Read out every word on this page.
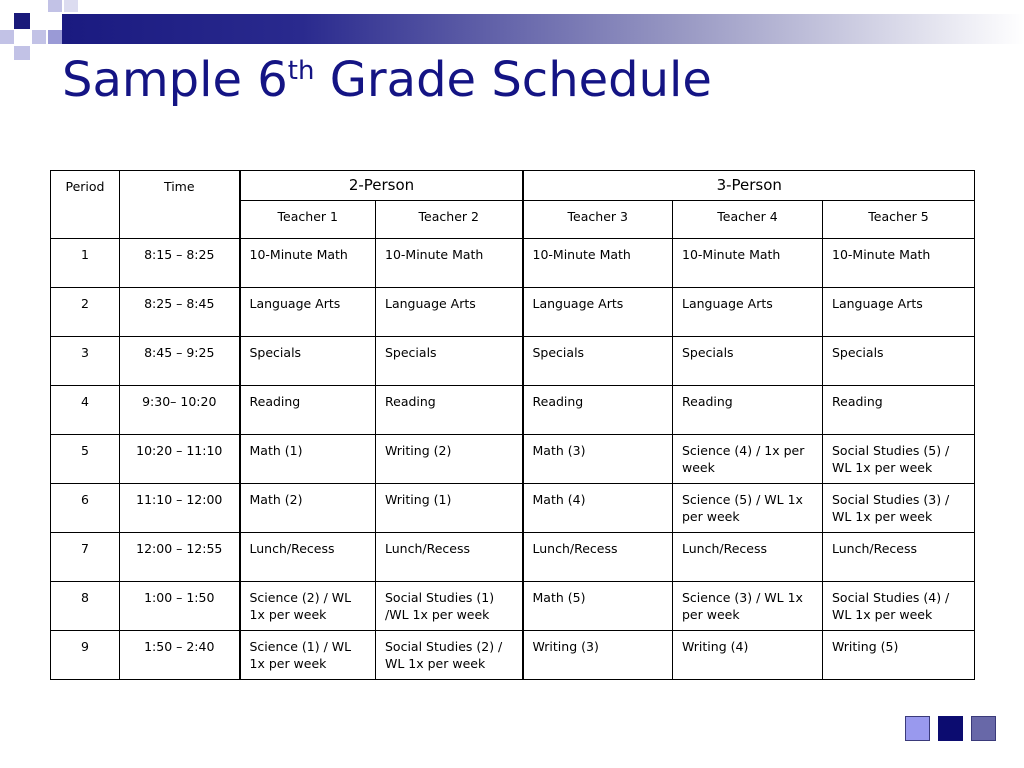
Sample 6th Grade Schedule
Period	Time	2-Person		3-Person		
		Teacher 1	Teacher 2	Teacher 3	Teacher 4	Teacher 5
1	8:15 – 8:25	10-Minute Math	10-Minute Math	10-Minute Math	10-Minute Math	10-Minute Math
2	8:25 – 8:45	Language Arts	Language Arts	Language Arts	Language Arts	Language Arts
3	8:45 – 9:25	Specials	Specials	Specials	Specials	Specials
4	9:30– 10:20	Reading	Reading	Reading	Reading	Reading
5	10:20 – 11:10	Math (1)	Writing (2)	Math (3)	Science (4) / 1x per week	Social Studies (5) / WL 1x per week
6	11:10 – 12:00	Math (2)	Writing (1)	Math (4)	Science (5) / WL 1x per week	Social Studies (3) / WL 1x per week
7	12:00 – 12:55	Lunch/Recess	Lunch/Recess	Lunch/Recess	Lunch/Recess	Lunch/Recess
8	1:00 – 1:50	Science (2) / WL 1x per week	Social Studies (1) /WL 1x per week	Math (5)	Science (3) / WL 1x per week	Social Studies (4) / WL 1x per week
9	1:50 – 2:40	Science (1) / WL 1x per week	Social Studies (2) / WL 1x per week	Writing (3)	Writing (4)	Writing (5)
